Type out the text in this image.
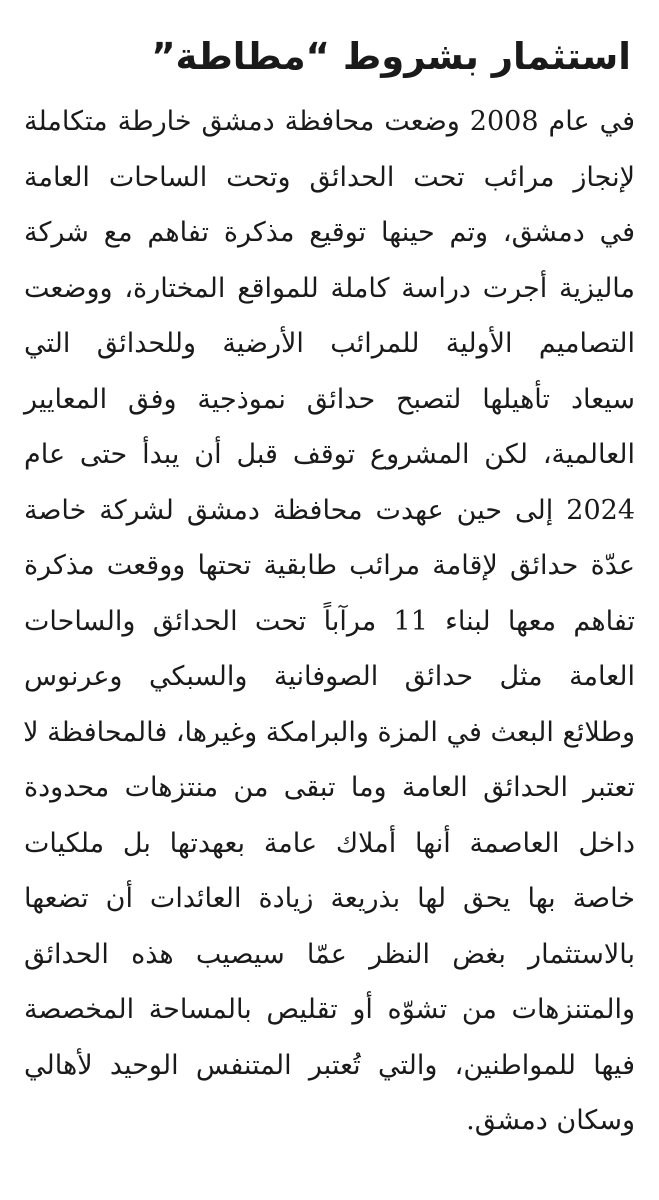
استثمار بشروط “مطاطة”
في عام 2008 وضعت محافظة دمشق خارطة متكاملة
لإنجاز مرائب تحت الحدائق وتحت الساحات العامة
في دمشق، وتم حينها توقيع مذكرة تفاهم مع شركة
ماليزية أجرت دراسة كاملة للمواقع المختارة، ووضعت
التصاميم الأولية للمرائب الأرضية وللحدائق التي
سيعاد تأهيلها لتصبح حدائق نموذجية وفق المعايير
العالمية، لكن المشروع توقف قبل أن يبدأ حتى عام
2024 إلى حين عهدت محافظة دمشق لشركة خاصة
عدّة حدائق لإقامة مرائب طابقية تحتها ووقعت مذكرة
تفاهم معها لبناء 11 مرآباً تحت الحدائق والساحات
العامة مثل حدائق الصوفانية والسبكي وعرنوس
وطلائع البعث في المزة والبرامكة وغيرها، فالمحافظة لا
تعتبر الحدائق العامة وما تبقى من منتزهات محدودة
داخل العاصمة أنها أملاك عامة بعهدتها بل ملكيات
خاصة بها يحق لها بذريعة زيادة العائدات أن تضعها
بالاستثمار بغض النظر عمّا سيصيب هذه الحدائق
والمتنزهات من تشوّه أو تقليص بالمساحة المخصصة
فيها للمواطنين، والتي تُعتبر المتنفس الوحيد لأهالي
وسكان دمشق.
